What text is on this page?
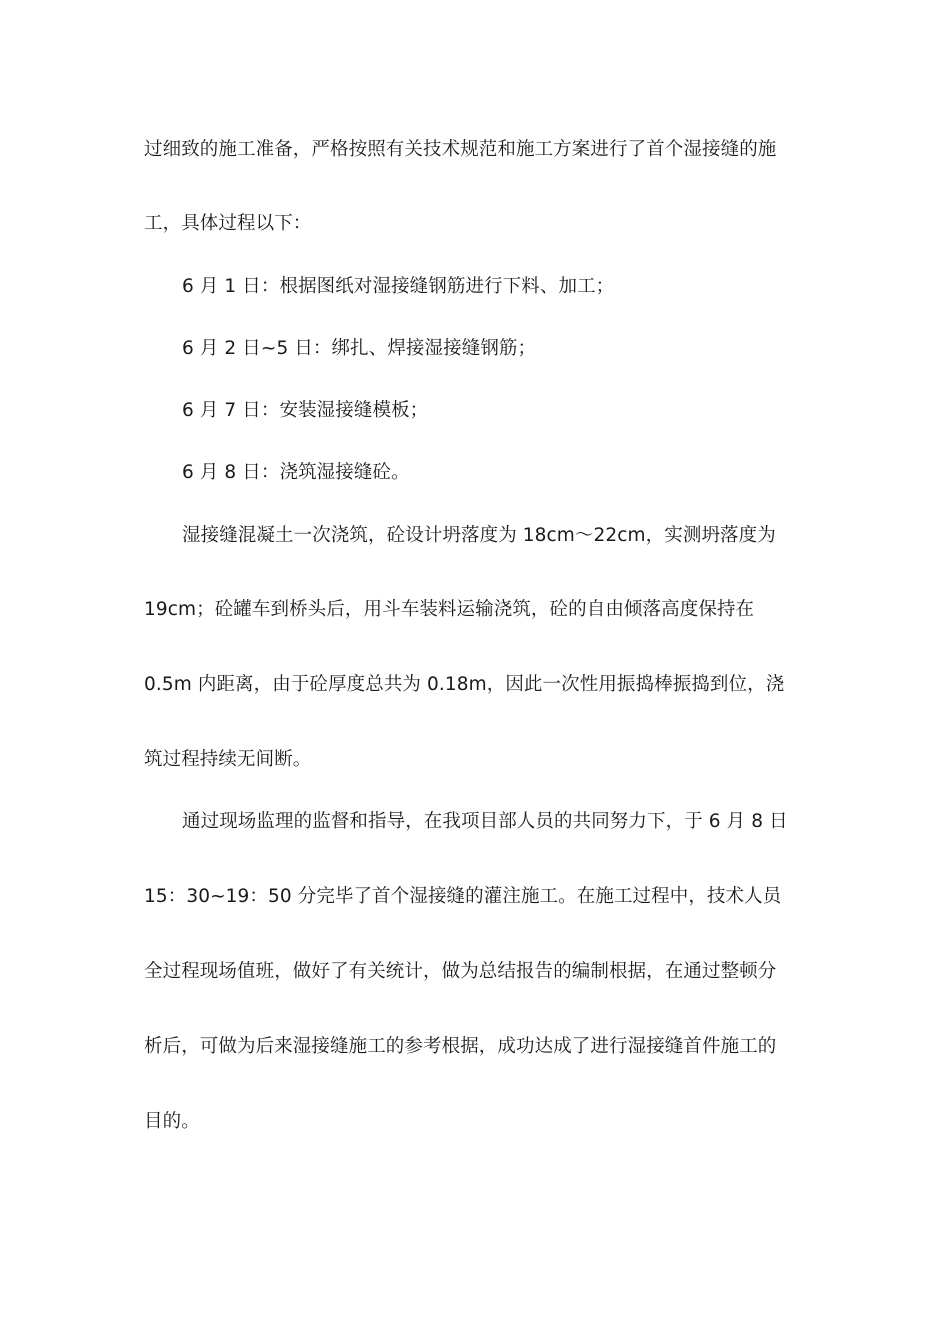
过细致的施工准备，严格按照有关技术规范和施工方案进行了首个湿接缝的施
工，具体过程以下：
6 月 1 日：根据图纸对湿接缝钢筋进行下料、加工；
6 月 2 日~5 日：绑扎、焊接湿接缝钢筋；
6 月 7 日：安装湿接缝模板；
6 月 8 日：浇筑湿接缝砼。
湿接缝混凝土一次浇筑，砼设计坍落度为 18cm～22cm，实测坍落度为
19cm；砼罐车到桥头后，用斗车装料运输浇筑，砼的自由倾落高度保持在
0.5m 内距离，由于砼厚度总共为 0.18m，因此一次性用振捣棒振捣到位，浇
筑过程持续无间断。
通过现场监理的监督和指导，在我项目部人员的共同努力下，于 6 月 8 日
15：30~19：50 分完毕了首个湿接缝的灌注施工。在施工过程中，技术人员
全过程现场值班，做好了有关统计，做为总结报告的编制根据，在通过整顿分
析后，可做为后来湿接缝施工的参考根据，成功达成了进行湿接缝首件施工的
目的。
